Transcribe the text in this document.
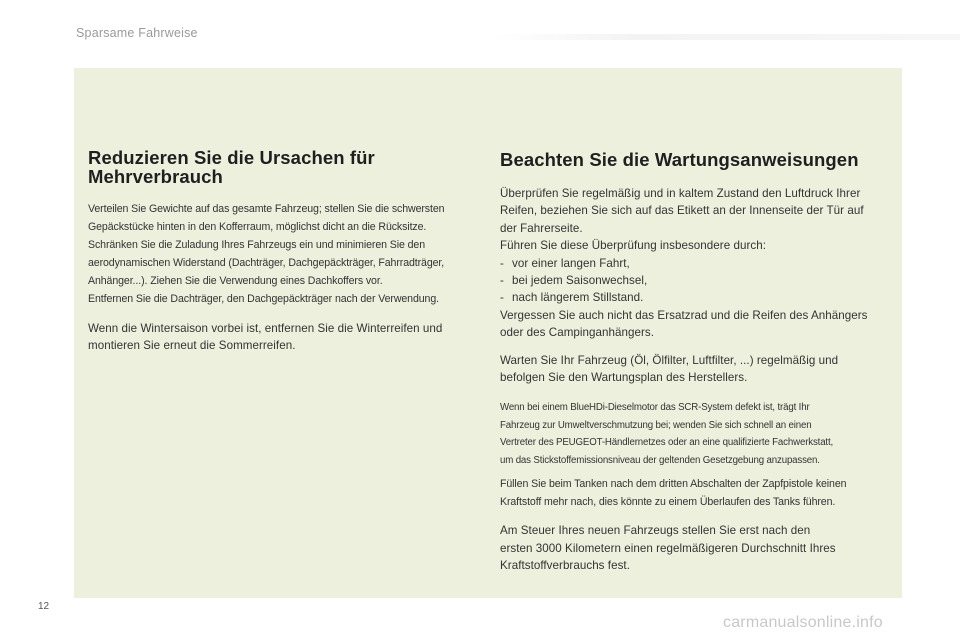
Sparsame Fahrweise
Reduzieren Sie die Ursachen für Mehrverbrauch

Verteilen Sie Gewichte auf das gesamte Fahrzeug; stellen Sie die schwersten

Gepäckstücke hinten in den Kofferraum, möglichst dicht an die Rücksitze.

Schränken Sie die Zuladung Ihres Fahrzeugs ein und minimieren Sie den

aerodynamischen Widerstand (Dachträger, Dachgepäckträger, Fahrradträger,

Anhänger...). Ziehen Sie die Verwendung eines Dachkoffers vor.

Entfernen Sie die Dachträger, den Dachgepäckträger nach der Verwendung.

Wenn die Wintersaison vorbei ist, entfernen Sie die Winterreifen und

montieren Sie erneut die Sommerreifen.

Beachten Sie die Wartungsanweisungen

Überprüfen Sie regelmäßig und in kaltem Zustand den Luftdruck Ihrer

Reifen, beziehen Sie sich auf das Etikett an der Innenseite der Tür auf

der Fahrerseite.

Führen Sie diese Überprüfung insbesondere durch:

- vor einer langen Fahrt,
- bei jedem Saisonwechsel,
- nach längerem Stillstand.

Vergessen Sie auch nicht das Ersatzrad und die Reifen des Anhängers

oder des Campinganhängers.

Warten Sie Ihr Fahrzeug (Öl, Ölfilter, Luftfilter, ...) regelmäßig und

befolgen Sie den Wartungsplan des Herstellers.

Wenn bei einem BlueHDi-Dieselmotor das SCR-System defekt ist, trägt Ihr

Fahrzeug zur Umweltverschmutzung bei; wenden Sie sich schnell an einen

Vertreter des PEUGEOT-Händlernetzes oder an eine qualifizierte Fachwerkstatt,

um das Stickstoffemissionsniveau der geltenden Gesetzgebung anzupassen.

Füllen Sie beim Tanken nach dem dritten Abschalten der Zapfpistole keinen

Kraftstoff mehr nach, dies könnte zu einem Überlaufen des Tanks führen.

Am Steuer Ihres neuen Fahrzeugs stellen Sie erst nach den

ersten 3000 Kilometern einen regelmäßigeren Durchschnitt Ihres

Kraftstoffverbrauchs fest.

12
carmanualsonline.info
